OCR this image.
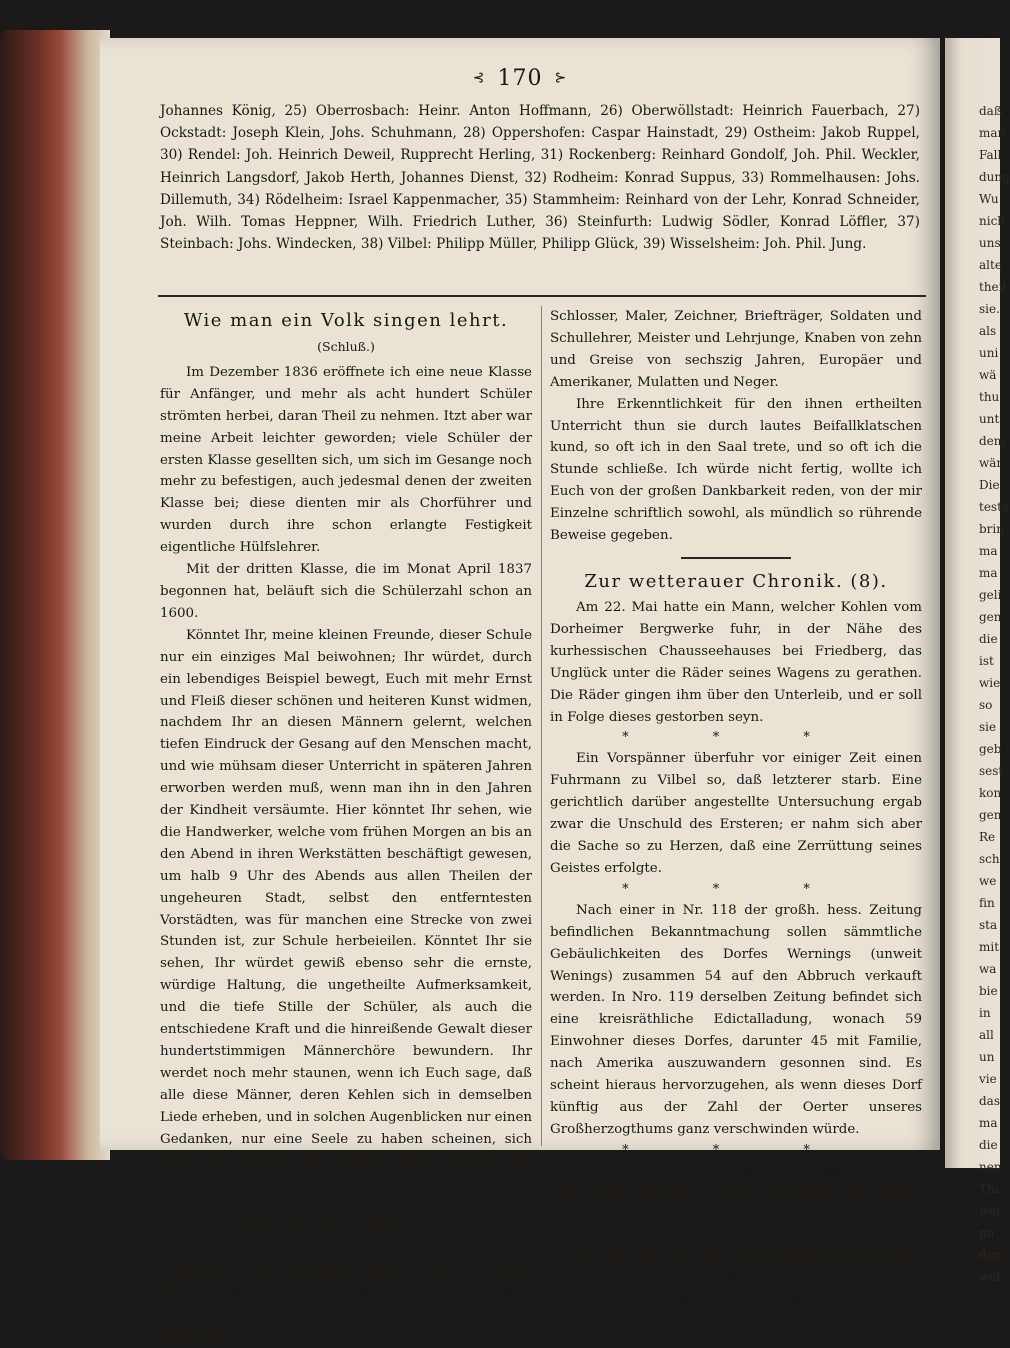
⊰ 170 ⊱

Johannes König, 25) Oberrosbach: Heinr. Anton Hoffmann, 26) Oberwöllstadt: Heinrich Fauerbach, 27) Ockstadt: Joseph Klein, Johs. Schuhmann, 28) Oppershofen: Caspar Hainstadt, 29) Ostheim: Jakob Ruppel, 30) Rendel: Joh. Heinrich Deweil, Rupprecht Herling, 31) Rockenberg: Reinhard Gondolf, Joh. Phil. Weckler, Heinrich Langsdorf, Jakob Herth, Johannes Dienst, 32) Rodheim: Konrad Suppus, 33) Rommelhausen: Johs. Dillemuth, 34) Rödelheim: Israel Kappenmacher, 35) Stammheim: Reinhard von der Lehr, Konrad Schneider, Joh. Wilh. Tomas Heppner, Wilh. Friedrich Luther, 36) Steinfurth: Ludwig Södler, Konrad Löffler, 37) Steinbach: Johs. Windecken, 38) Vilbel: Philipp Müller, Philipp Glück, 39) Wisselsheim: Joh. Phil. Jung.

Wie man ein Volk singen lehrt.
(Schluß.)

Im Dezember 1836 eröffnete ich eine neue Klasse für Anfänger, und mehr als acht hundert Schüler strömten herbei, daran Theil zu nehmen. Itzt aber war meine Arbeit leichter geworden; viele Schüler der ersten Klasse gesellten sich, um sich im Gesange noch mehr zu befestigen, auch jedesmal denen der zweiten Klasse bei; diese dienten mir als Chorführer und wurden durch ihre schon erlangte Festigkeit eigentliche Hülfslehrer.

Mit der dritten Klasse, die im Monat April 1837 begonnen hat, beläuft sich die Schülerzahl schon an 1600.

Könntet Ihr, meine kleinen Freunde, dieser Schule nur ein einziges Mal beiwohnen; Ihr würdet, durch ein lebendiges Beispiel bewegt, Euch mit mehr Ernst und Fleiß dieser schönen und heiteren Kunst widmen, nachdem Ihr an diesen Männern gelernt, welchen tiefen Eindruck der Gesang auf den Menschen macht, und wie mühsam dieser Unterricht in späteren Jahren erworben werden muß, wenn man ihn in den Jahren der Kindheit versäumte. Hier könntet Ihr sehen, wie die Handwerker, welche vom frühen Morgen an bis an den Abend in ihren Werkstätten beschäftigt gewesen, um halb 9 Uhr des Abends aus allen Theilen der ungeheuren Stadt, selbst den entferntesten Vorstädten, was für manchen eine Strecke von zwei Stunden ist, zur Schule herbeieilen. Könntet Ihr sie sehen, Ihr würdet gewiß ebenso sehr die ernste, würdige Haltung, die ungetheilte Aufmerksamkeit, und die tiefe Stille der Schüler, als auch die entschiedene Kraft und die hinreißende Gewalt dieser hundertstimmigen Männerchöre bewundern. Ihr werdet noch mehr staunen, wenn ich Euch sage, daß alle diese Männer, deren Kehlen sich in demselben Liede erheben, und in solchen Augenblicken nur einen Gedanken, nur eine Seele zu haben scheinen, sich einander gänzlich fremd sind. Keiner kennt den andern, und ich selbst kenne keinen Einzigen; nur sehe ich sie alle acht Tage an derselben Stelle des großen Amphitheaters sich niederlassen.

In der Lust zum Lernen beruht das ganze Geheimniß des Zusammenhaltens dieser bunten Menschenmasse. Hier gibt es Mechaniker, Goldarbeiter, Gerber, Buchdrucker, Kupferstecher, Schreiner,

Schlosser, Maler, Zeichner, Briefträger, Soldaten und Schullehrer, Meister und Lehrjunge, Knaben von zehn und Greise von sechszig Jahren, Europäer und Amerikaner, Mulatten und Neger.

Ihre Erkenntlichkeit für den ihnen ertheilten Unterricht thun sie durch lautes Beifallklatschen kund, so oft ich in den Saal trete, und so oft ich die Stunde schließe. Ich würde nicht fertig, wollte ich Euch von der großen Dankbarkeit reden, von der mir Einzelne schriftlich sowohl, als mündlich so rührende Beweise gegeben.

Zur wetterauer Chronik. (8).

Am 22. Mai hatte ein Mann, welcher Kohlen vom Dorheimer Bergwerke fuhr, in der Nähe des kurhessischen Chausseehauses bei Friedberg, das Unglück unter die Räder seines Wagens zu gerathen. Die Räder gingen ihm über den Unterleib, und er soll in Folge dieses gestorben seyn.

* * *

Ein Vorspänner überfuhr vor einiger Zeit einen Fuhrmann zu Vilbel so, daß letzterer starb. Eine gerichtlich darüber angestellte Untersuchung ergab zwar die Unschuld des Ersteren; er nahm sich aber die Sache so zu Herzen, daß eine Zerrüttung seines Geistes erfolgte.

* * *

Nach einer in Nr. 118 der großh. hess. Zeitung befindlichen Bekanntmachung sollen sämmtliche Gebäulichkeiten des Dorfes Wernings (unweit Wenings) zusammen 54 auf den Abbruch verkauft werden. In Nro. 119 derselben Zeitung befindet sich eine kreisräthliche Edictalladung, wonach 59 Einwohner dieses Dorfes, darunter 45 mit Familie, nach Amerika auszuwandern gesonnen sind. Es scheint hieraus hervorzugehen, als wenn dieses Dorf künftig aus der Zahl der Oerter unseres Großherzogthums ganz verschwinden würde.

* * *

Am Abend des 14. Mai war ein heftiger Brand in der großen schneider'schen Papiermühle bei Nidda. Doch soll das Hauptgebäude gerettet worden seyn.

* * *

Am 15. Mai geriethen zu Friedberg zwei Arbeiter in Streit. Der eine ergriff einen Stein und traf mit demselben den Andern an der Schläfe so,

daß
man
Fall
dung
Wu
nich
uns
alte
theil
sie.
als
uni
wä
thu
unt
dem
wär
Die
teste
brin
ma
ma
geli
gen
die
ist
wie
so
sie
geb
sest
kon
gen
Re
sch
we
fin
sta
mit
wa
bie
in
all
un
vie
das
ma
die
nen
Thi
wel
mi
den
wel
